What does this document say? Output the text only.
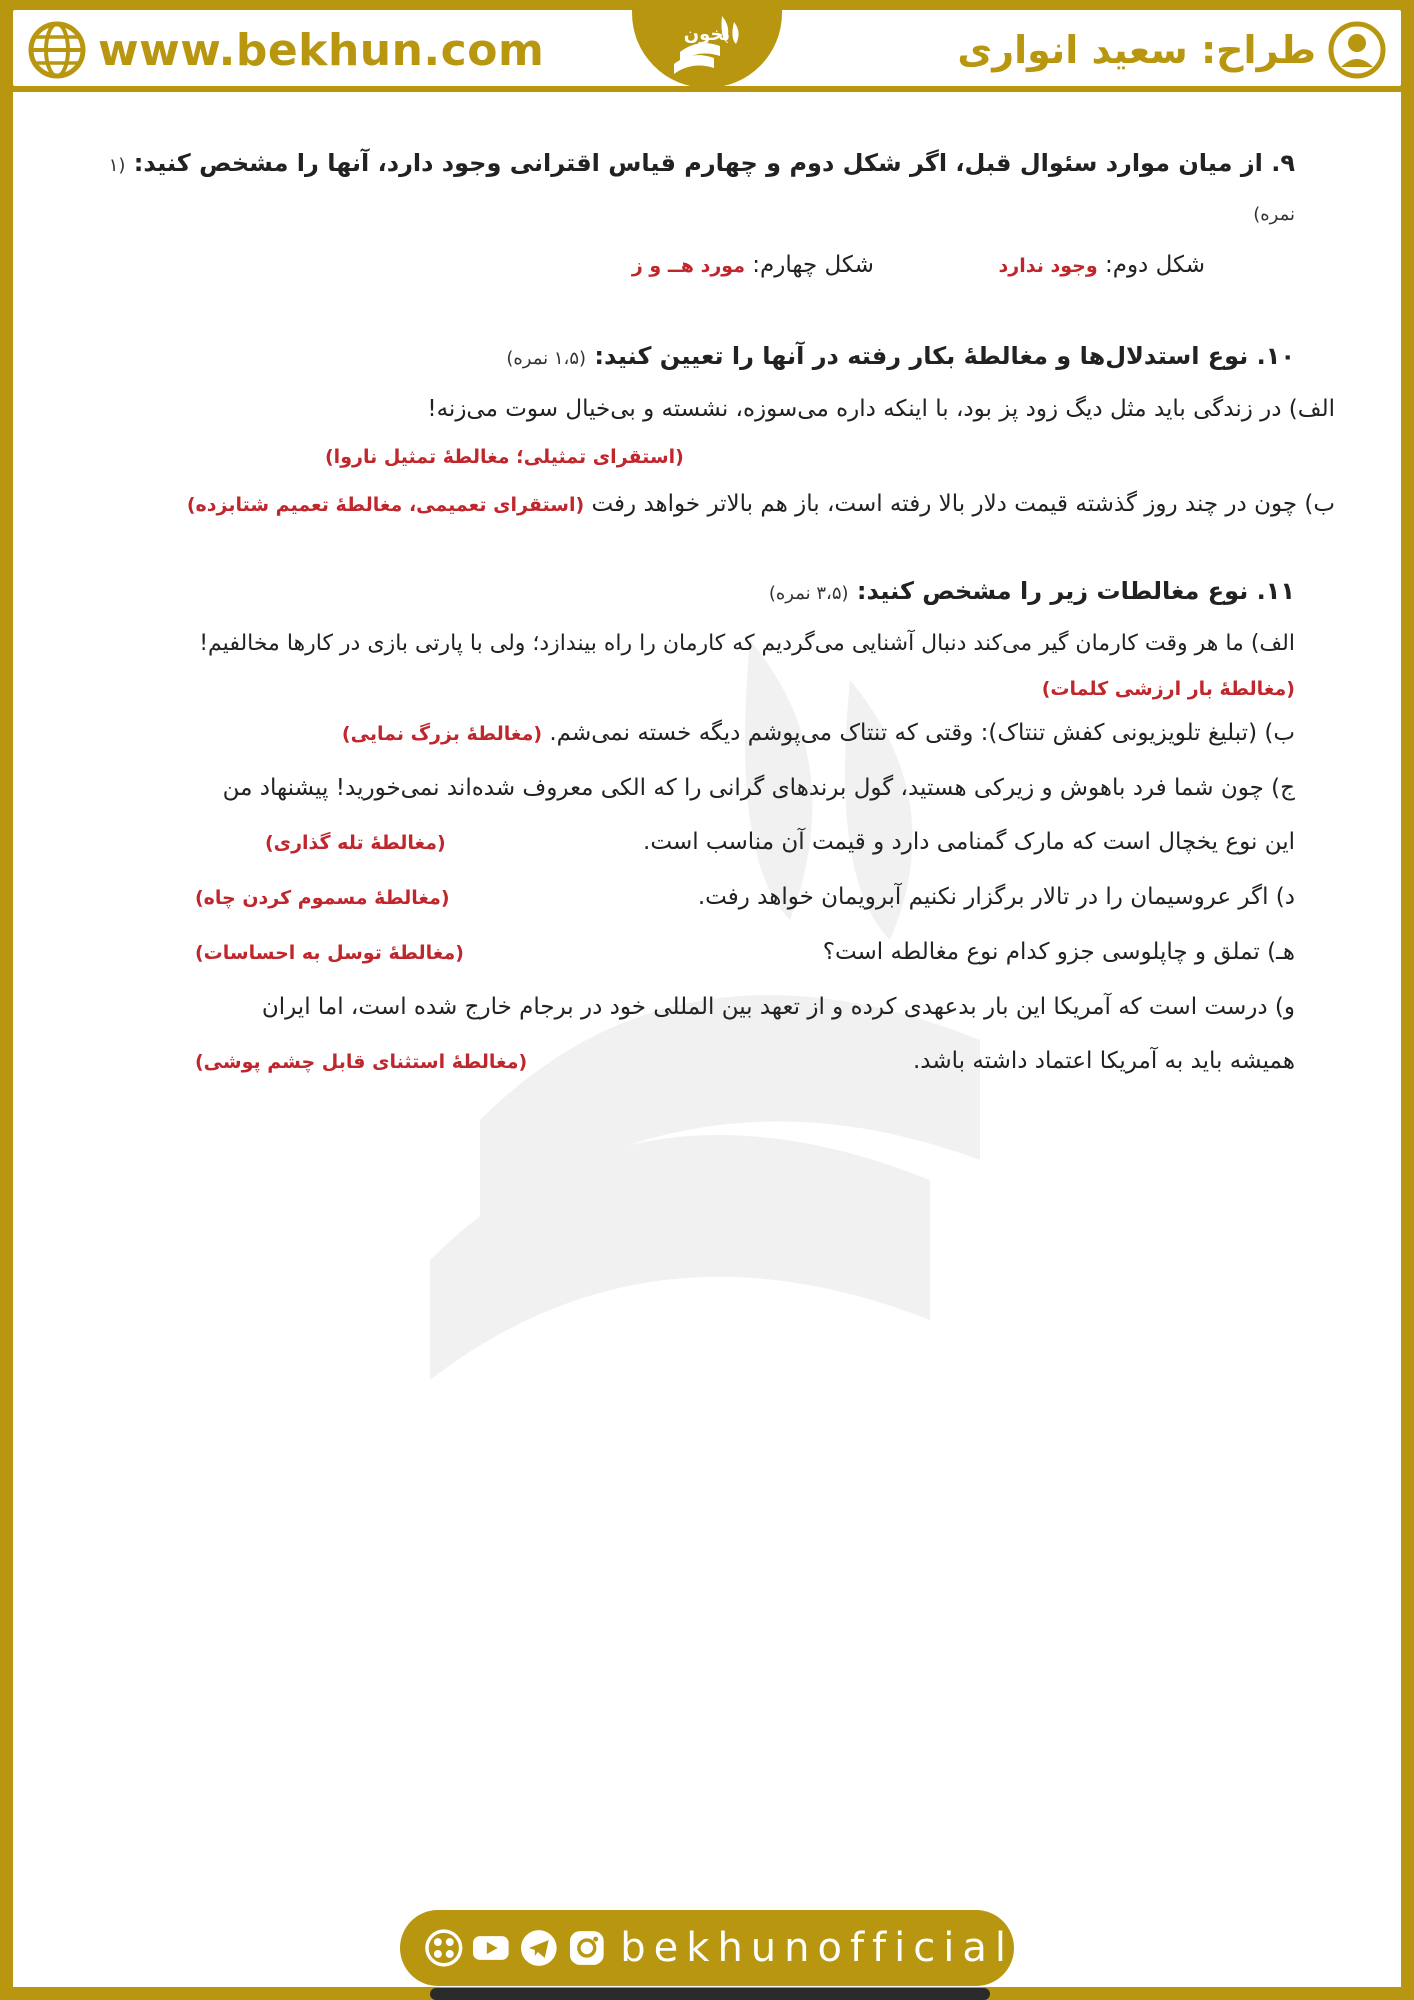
بخون
www.bekhun.com	طراح: سعید انواری

۹. از میان موارد سئوال قبل، اگر شکل دوم و چهارم قیاس اقترانی وجود دارد، آنها را مشخص کنید: (۱ نمره)

شکل دوم: وجود ندارد  شکل چهارم: مورد هــ و ز

۱۰. نوع استدلال‌ها و مغالطۀ بکار رفته در آنها را تعیین کنید: (۱،۵ نمره)

الف) در زندگی باید مثل دیگ زود پز بود، با اینکه داره می‌سوزه، نشسته و بی‌خیال سوت می‌زنه!

(استقرای تمثیلی؛ مغالطۀ تمثیل ناروا)

ب) چون در چند روز گذشته قیمت دلار بالا رفته است، باز هم بالاتر خواهد رفت (استقرای تعمیمی، مغالطۀ تعمیم شتابزده)

۱۱. نوع مغالطات زیر را مشخص کنید: (۳،۵ نمره)

الف) ما هر وقت کارمان گیر می‌کند دنبال آشنایی می‌گردیم که کارمان را راه بیندازد؛ ولی با پارتی بازی در کارها مخالفیم!

(مغالطۀ بار ارزشی کلمات)

ب) (تبلیغ تلویزیونی کفش تنتاک): وقتی که تنتاک می‌پوشم دیگه خسته نمی‌شم. (مغالطۀ بزرگ نمایی)

ج) چون شما فرد باهوش و زیرکی هستید، گول برندهای گرانی را که الکی معروف شده‌اند نمی‌خورید! پیشنهاد من

این نوع یخچال است که مارک گمنامی دارد و قیمت آن مناسب است.
(مغالطۀ تله گذاری)

د) اگر عروسیمان را در تالار برگزار نکنیم آبرویمان خواهد رفت.
(مغالطۀ مسموم کردن چاه)

هـ) تملق و چاپلوسی جزو کدام نوع مغالطه است؟
(مغالطۀ توسل به احساسات)

و) درست است که آمریکا این بار بدعهدی کرده و از تعهد بین المللی خود در برجام خارج شده است، اما ایران

همیشه باید به آمریکا اعتماد داشته باشد.
(مغالطۀ استثنای قابل چشم پوشی)

bekhunofficial
